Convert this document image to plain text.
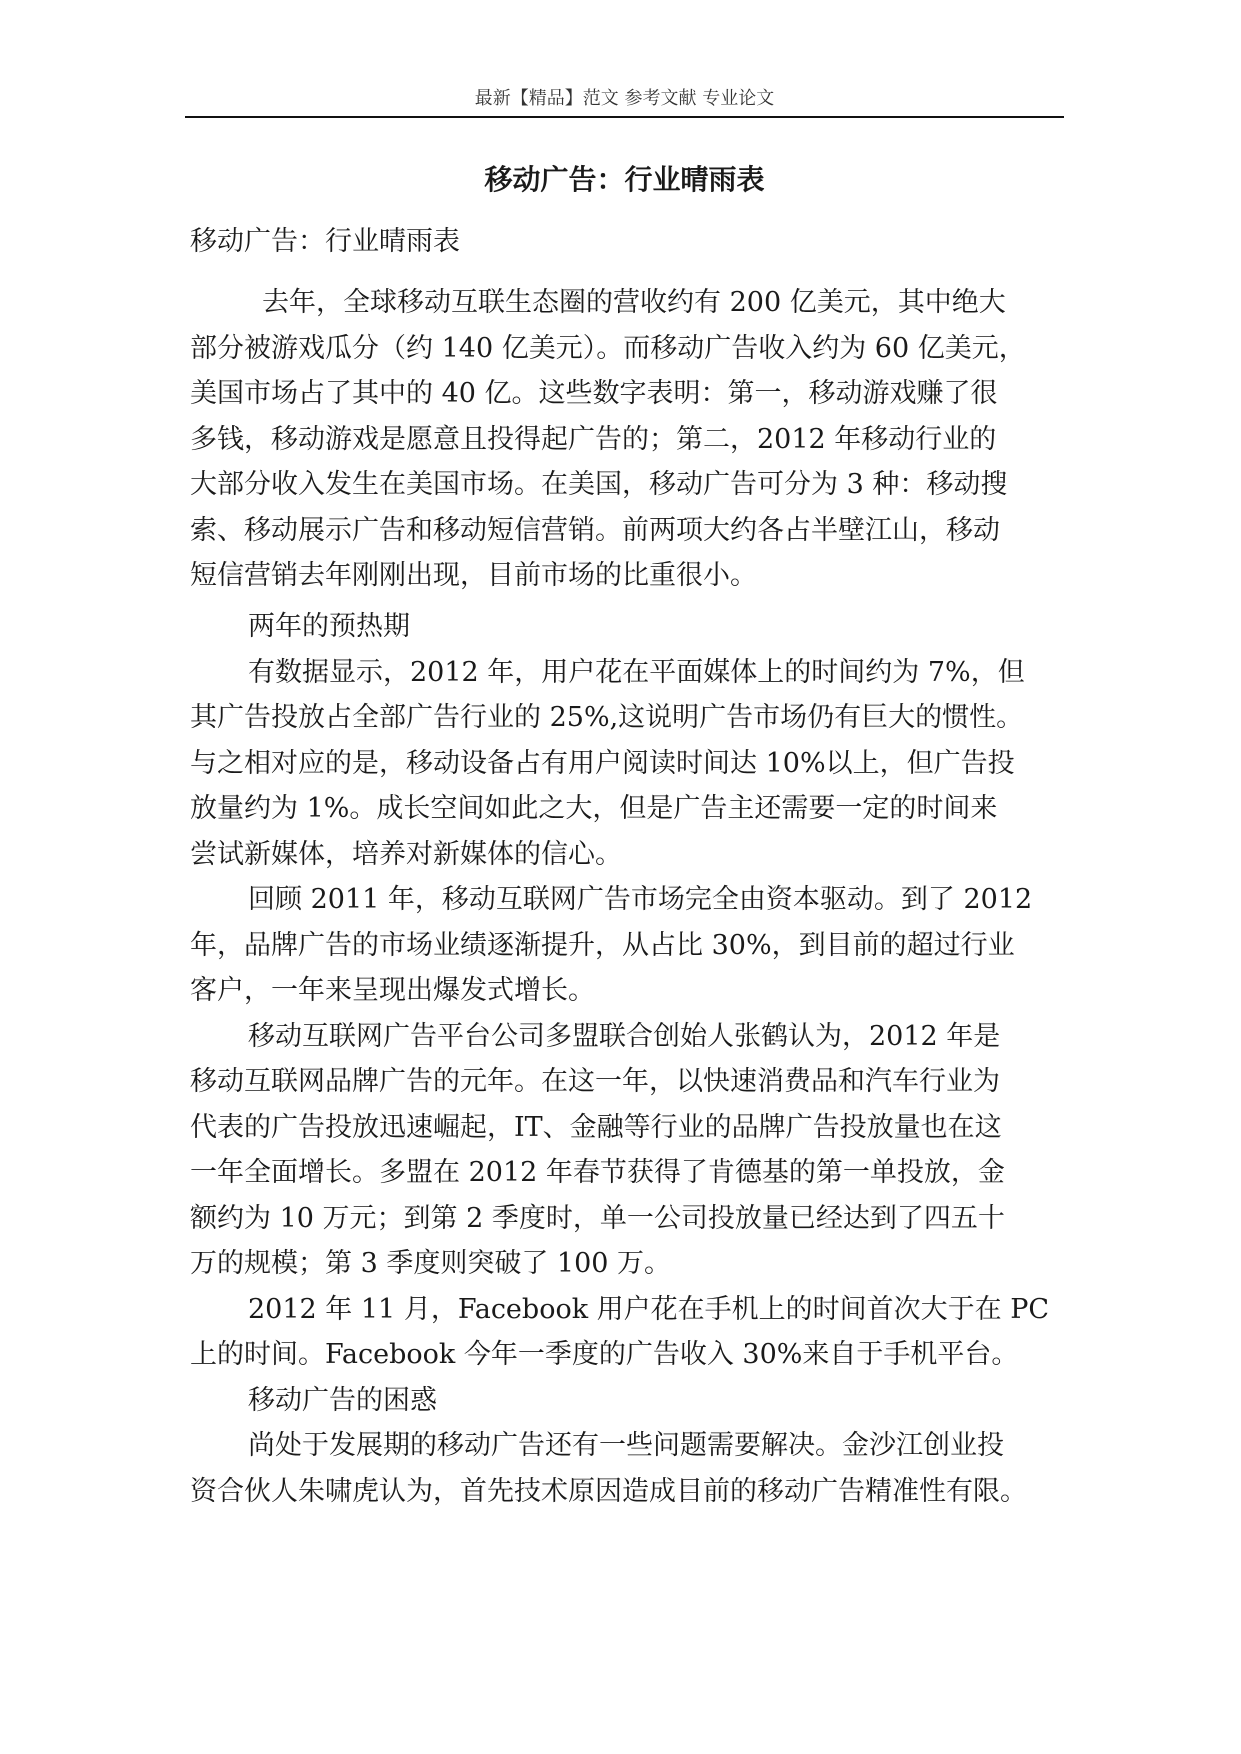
最新【精品】范文 参考文献 专业论文
移动广告：行业晴雨表
移动广告：行业晴雨表
去年，全球移动互联生态圈的营收约有 200 亿美元，其中绝大
部分被游戏瓜分（约 140 亿美元）。而移动广告收入约为 60 亿美元，
美国市场占了其中的 40 亿。这些数字表明：第一，移动游戏赚了很
多钱，移动游戏是愿意且投得起广告的；第二，2012 年移动行业的
大部分收入发生在美国市场。在美国，移动广告可分为 3 种：移动搜
索、移动展示广告和移动短信营销。前两项大约各占半壁江山，移动
短信营销去年刚刚出现，目前市场的比重很小。
两年的预热期
有数据显示，2012 年，用户花在平面媒体上的时间约为 7%，但
其广告投放占全部广告行业的 25%,这说明广告市场仍有巨大的惯性。
与之相对应的是，移动设备占有用户阅读时间达 10%以上，但广告投
放量约为 1%。成长空间如此之大，但是广告主还需要一定的时间来
尝试新媒体，培养对新媒体的信心。
回顾 2011 年，移动互联网广告市场完全由资本驱动。到了 2012
年，品牌广告的市场业绩逐渐提升，从占比 30%，到目前的超过行业
客户，一年来呈现出爆发式增长。
移动互联网广告平台公司多盟联合创始人张鹤认为，2012 年是
移动互联网品牌广告的元年。在这一年，以快速消费品和汽车行业为
代表的广告投放迅速崛起，IT、金融等行业的品牌广告投放量也在这
一年全面增长。多盟在 2012 年春节获得了肯德基的第一单投放，金
额约为 10 万元；到第 2 季度时，单一公司投放量已经达到了四五十
万的规模；第 3 季度则突破了 100 万。
2012 年 11 月，Facebook 用户花在手机上的时间首次大于在 PC
上的时间。Facebook 今年一季度的广告收入 30%来自于手机平台。
移动广告的困惑
尚处于发展期的移动广告还有一些问题需要解决。金沙江创业投
资合伙人朱啸虎认为，首先技术原因造成目前的移动广告精准性有限。
